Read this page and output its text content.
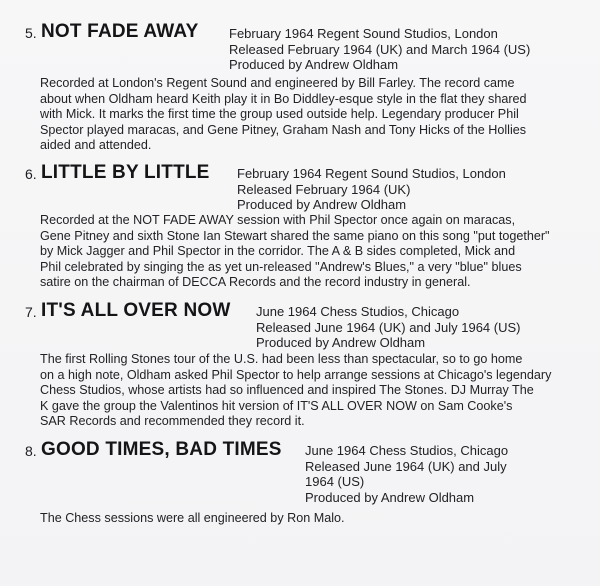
5. NOT FADE AWAY February 1964 Regent Sound Studios, London
Released February 1964 (UK) and March 1964 (US)
Produced by Andrew Oldham
Recorded at London's Regent Sound and engineered by Bill Farley. The record came
about when Oldham heard Keith play it in Bo Diddley-esque style in the flat they shared
with Mick. It marks the first time the group used outside help. Legendary producer Phil
Spector played maracas, and Gene Pitney, Graham Nash and Tony Hicks of the Hollies
aided and attended.
6. LITTLE BY LITTLE February 1964 Regent Sound Studios, London
Released February 1964 (UK)
Produced by Andrew Oldham
Recorded at the NOT FADE AWAY session with Phil Spector once again on maracas,
Gene Pitney and sixth Stone Ian Stewart shared the same piano on this song "put together"
by Mick Jagger and Phil Spector in the corridor. The A & B sides completed, Mick and
Phil celebrated by singing the as yet un-released "Andrew's Blues," a very "blue" blues
satire on the chairman of DECCA Records and the record industry in general.
7. IT'S ALL OVER NOW June 1964 Chess Studios, Chicago
Released June 1964 (UK) and July 1964 (US)
Produced by Andrew Oldham
The first Rolling Stones tour of the U.S. had been less than spectacular, so to go home
on a high note, Oldham asked Phil Spector to help arrange sessions at Chicago's legendary
Chess Studios, whose artists had so influenced and inspired The Stones. DJ Murray The
K gave the group the Valentinos hit version of IT'S ALL OVER NOW on Sam Cooke's
SAR Records and recommended they record it.
8. GOOD TIMES, BAD TIMES June 1964 Chess Studios, Chicago
Released June 1964 (UK) and July
1964 (US)
Produced by Andrew Oldham
The Chess sessions were all engineered by Ron Malo.
